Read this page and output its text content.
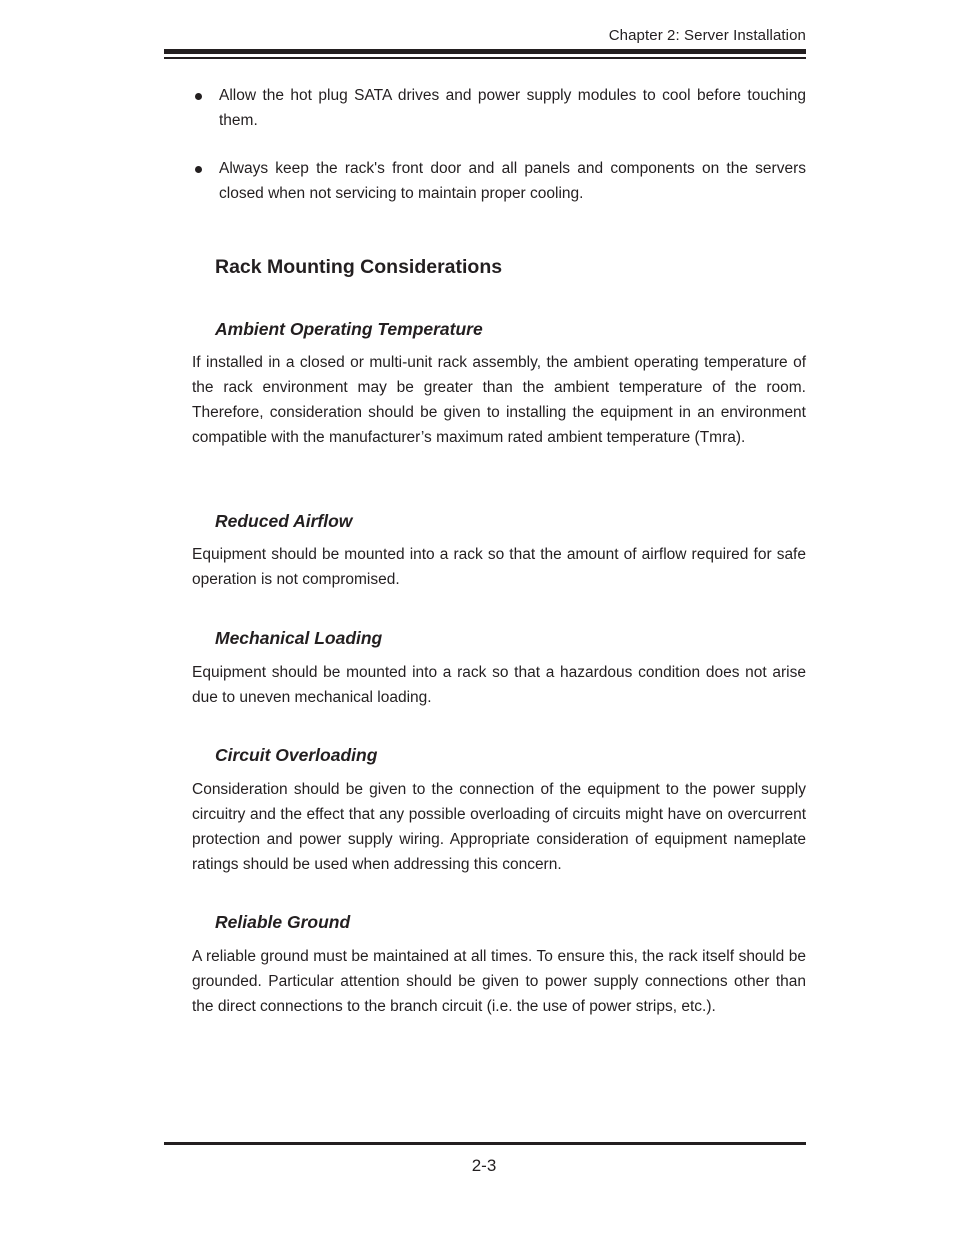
Chapter 2: Server Installation
Allow the hot plug SATA drives and power supply modules to cool before touching them.
Always keep the rack's front door and all panels and components on the servers closed when not servicing to maintain proper cooling.
Rack Mounting Considerations
Ambient Operating Temperature

If installed in a closed or multi-unit rack assembly, the ambient operating temperature of the rack environment may be greater than the ambient temperature of the room. Therefore, consideration should be given to installing the equipment in an environment compatible with the manufacturer’s maximum rated ambient temperature (Tmra).

Reduced Airflow

Equipment should be mounted into a rack so that the amount of airflow required for safe operation is not compromised.

Mechanical Loading

Equipment should be mounted into a rack so that a hazardous condition does not arise due to uneven mechanical loading.

Circuit Overloading

Consideration should be given to the connection of the equipment to the power supply circuitry and the effect that any possible overloading of circuits might have on overcurrent protection and power supply wiring. Appropriate consideration of equipment nameplate ratings should be used when addressing this concern.

Reliable Ground

A reliable ground must be maintained at all times. To ensure this, the rack itself should be grounded. Particular attention should be given to power supply connections other than the direct connections to the branch circuit (i.e. the use of power strips, etc.).

2-3
